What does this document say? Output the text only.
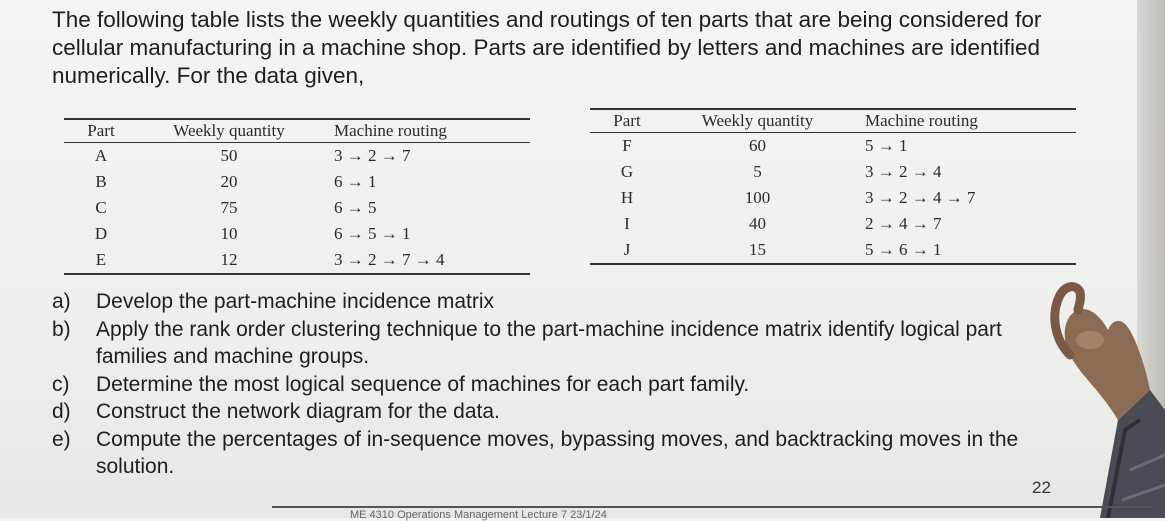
The following table lists the weekly quantities and routings of ten parts that are being considered for cellular manufacturing in a machine shop. Parts are identified by letters and machines are identified numerically. For the data given,

Part	Weekly quantity	Machine routing
A	50	3 → 2 → 7
B	20	6 → 1
C	75	6 → 5
D	10	6 → 5 → 1
E	12	3 → 2 → 7 → 4
Part	Weekly quantity	Machine routing
F	60	5 → 1
G	5	3 → 2 → 4
H	100	3 → 2 → 4 → 7
I	40	2 → 4 → 7
J	15	5 → 6 → 1
a) Develop the part-machine incidence matrix
b) Apply the rank order clustering technique to the part-machine incidence matrix identify logical part families and machine groups.
c) Determine the most logical sequence of machines for each part family.
d) Construct the network diagram for the data.
e) Compute the percentages of in-sequence moves, bypassing moves, and backtracking moves in the solution.
22
ME 4310 Operations Management Lecture 7 23/1/24
